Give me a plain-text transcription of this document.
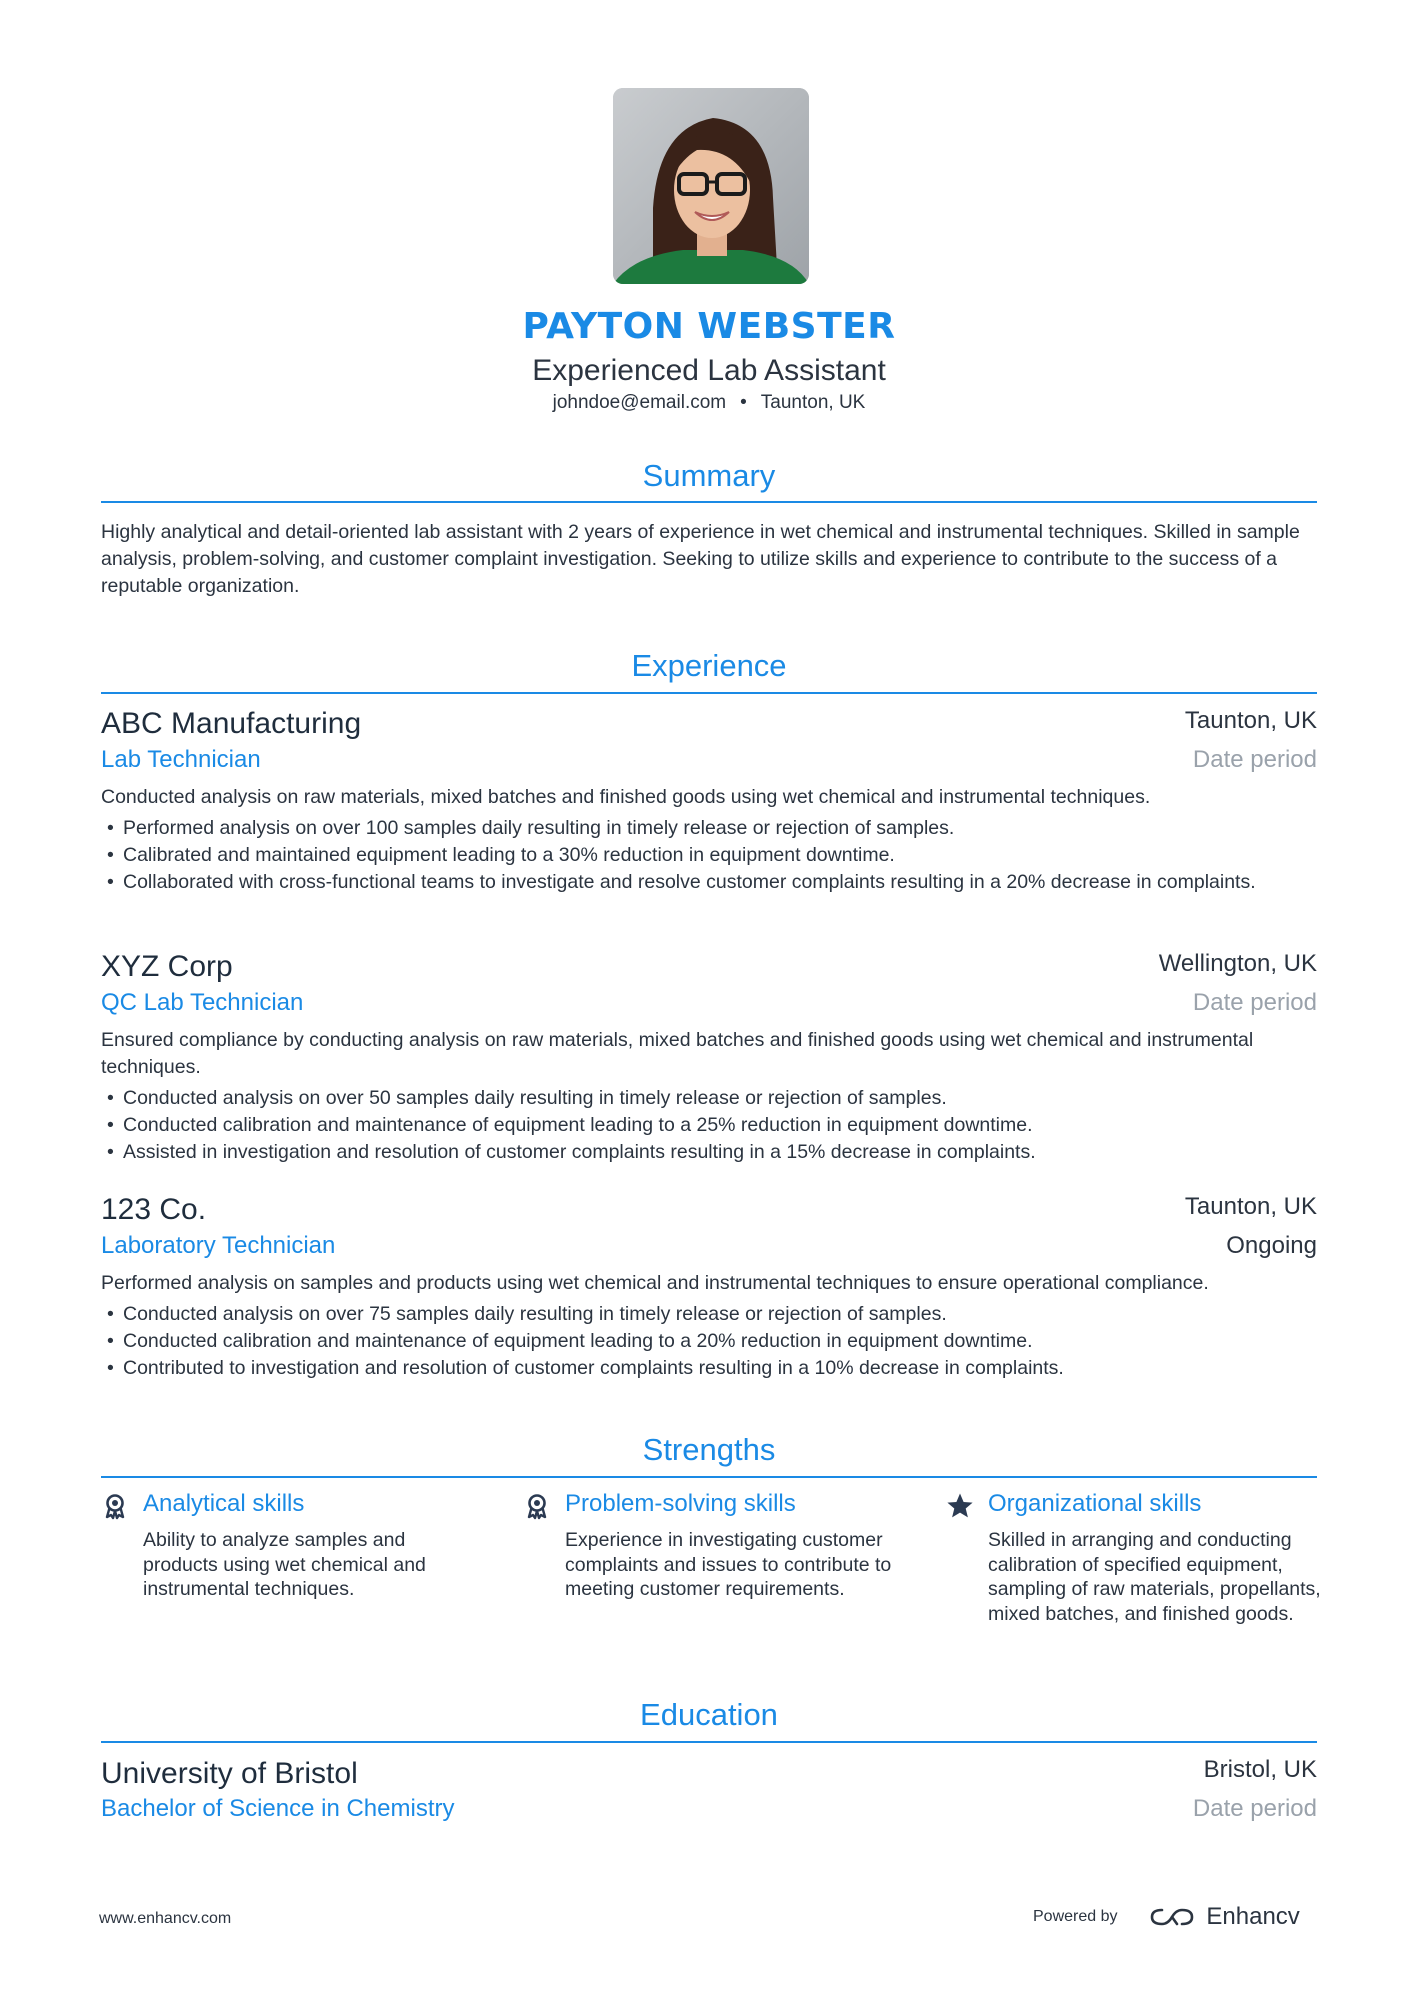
PAYTON WEBSTER
Experienced Lab Assistant
johndoe@email.com • Taunton, UK
Summary
Highly analytical and detail-oriented lab assistant with 2 years of experience in wet chemical and instrumental techniques. Skilled in sample analysis, problem-solving, and customer complaint investigation. Seeking to utilize skills and experience to contribute to the success of a reputable organization.
Experience
ABC Manufacturing	Taunton, UK
Lab Technician	Date period
Conducted analysis on raw materials, mixed batches and finished goods using wet chemical and instrumental techniques.
• Performed analysis on over 100 samples daily resulting in timely release or rejection of samples.
• Calibrated and maintained equipment leading to a 30% reduction in equipment downtime.
• Collaborated with cross-functional teams to investigate and resolve customer complaints resulting in a 20% decrease in complaints.
XYZ Corp	Wellington, UK
QC Lab Technician	Date period
Ensured compliance by conducting analysis on raw materials, mixed batches and finished goods using wet chemical and instrumental techniques.
• Conducted analysis on over 50 samples daily resulting in timely release or rejection of samples.
• Conducted calibration and maintenance of equipment leading to a 25% reduction in equipment downtime.
• Assisted in investigation and resolution of customer complaints resulting in a 15% decrease in complaints.
123 Co.	Taunton, UK
Laboratory Technician	Ongoing
Performed analysis on samples and products using wet chemical and instrumental techniques to ensure operational compliance.
• Conducted analysis on over 75 samples daily resulting in timely release or rejection of samples.
• Conducted calibration and maintenance of equipment leading to a 20% reduction in equipment downtime.
• Contributed to investigation and resolution of customer complaints resulting in a 10% decrease in complaints.
Strengths
Analytical skills
Ability to analyze samples and products using wet chemical and instrumental techniques.
Problem-solving skills
Experience in investigating customer complaints and issues to contribute to meeting customer requirements.
Organizational skills
Skilled in arranging and conducting calibration of specified equipment, sampling of raw materials, propellants, mixed batches, and finished goods.
Education
University of Bristol	Bristol, UK
Bachelor of Science in Chemistry	Date period
www.enhancv.com	Powered by	Enhancv
